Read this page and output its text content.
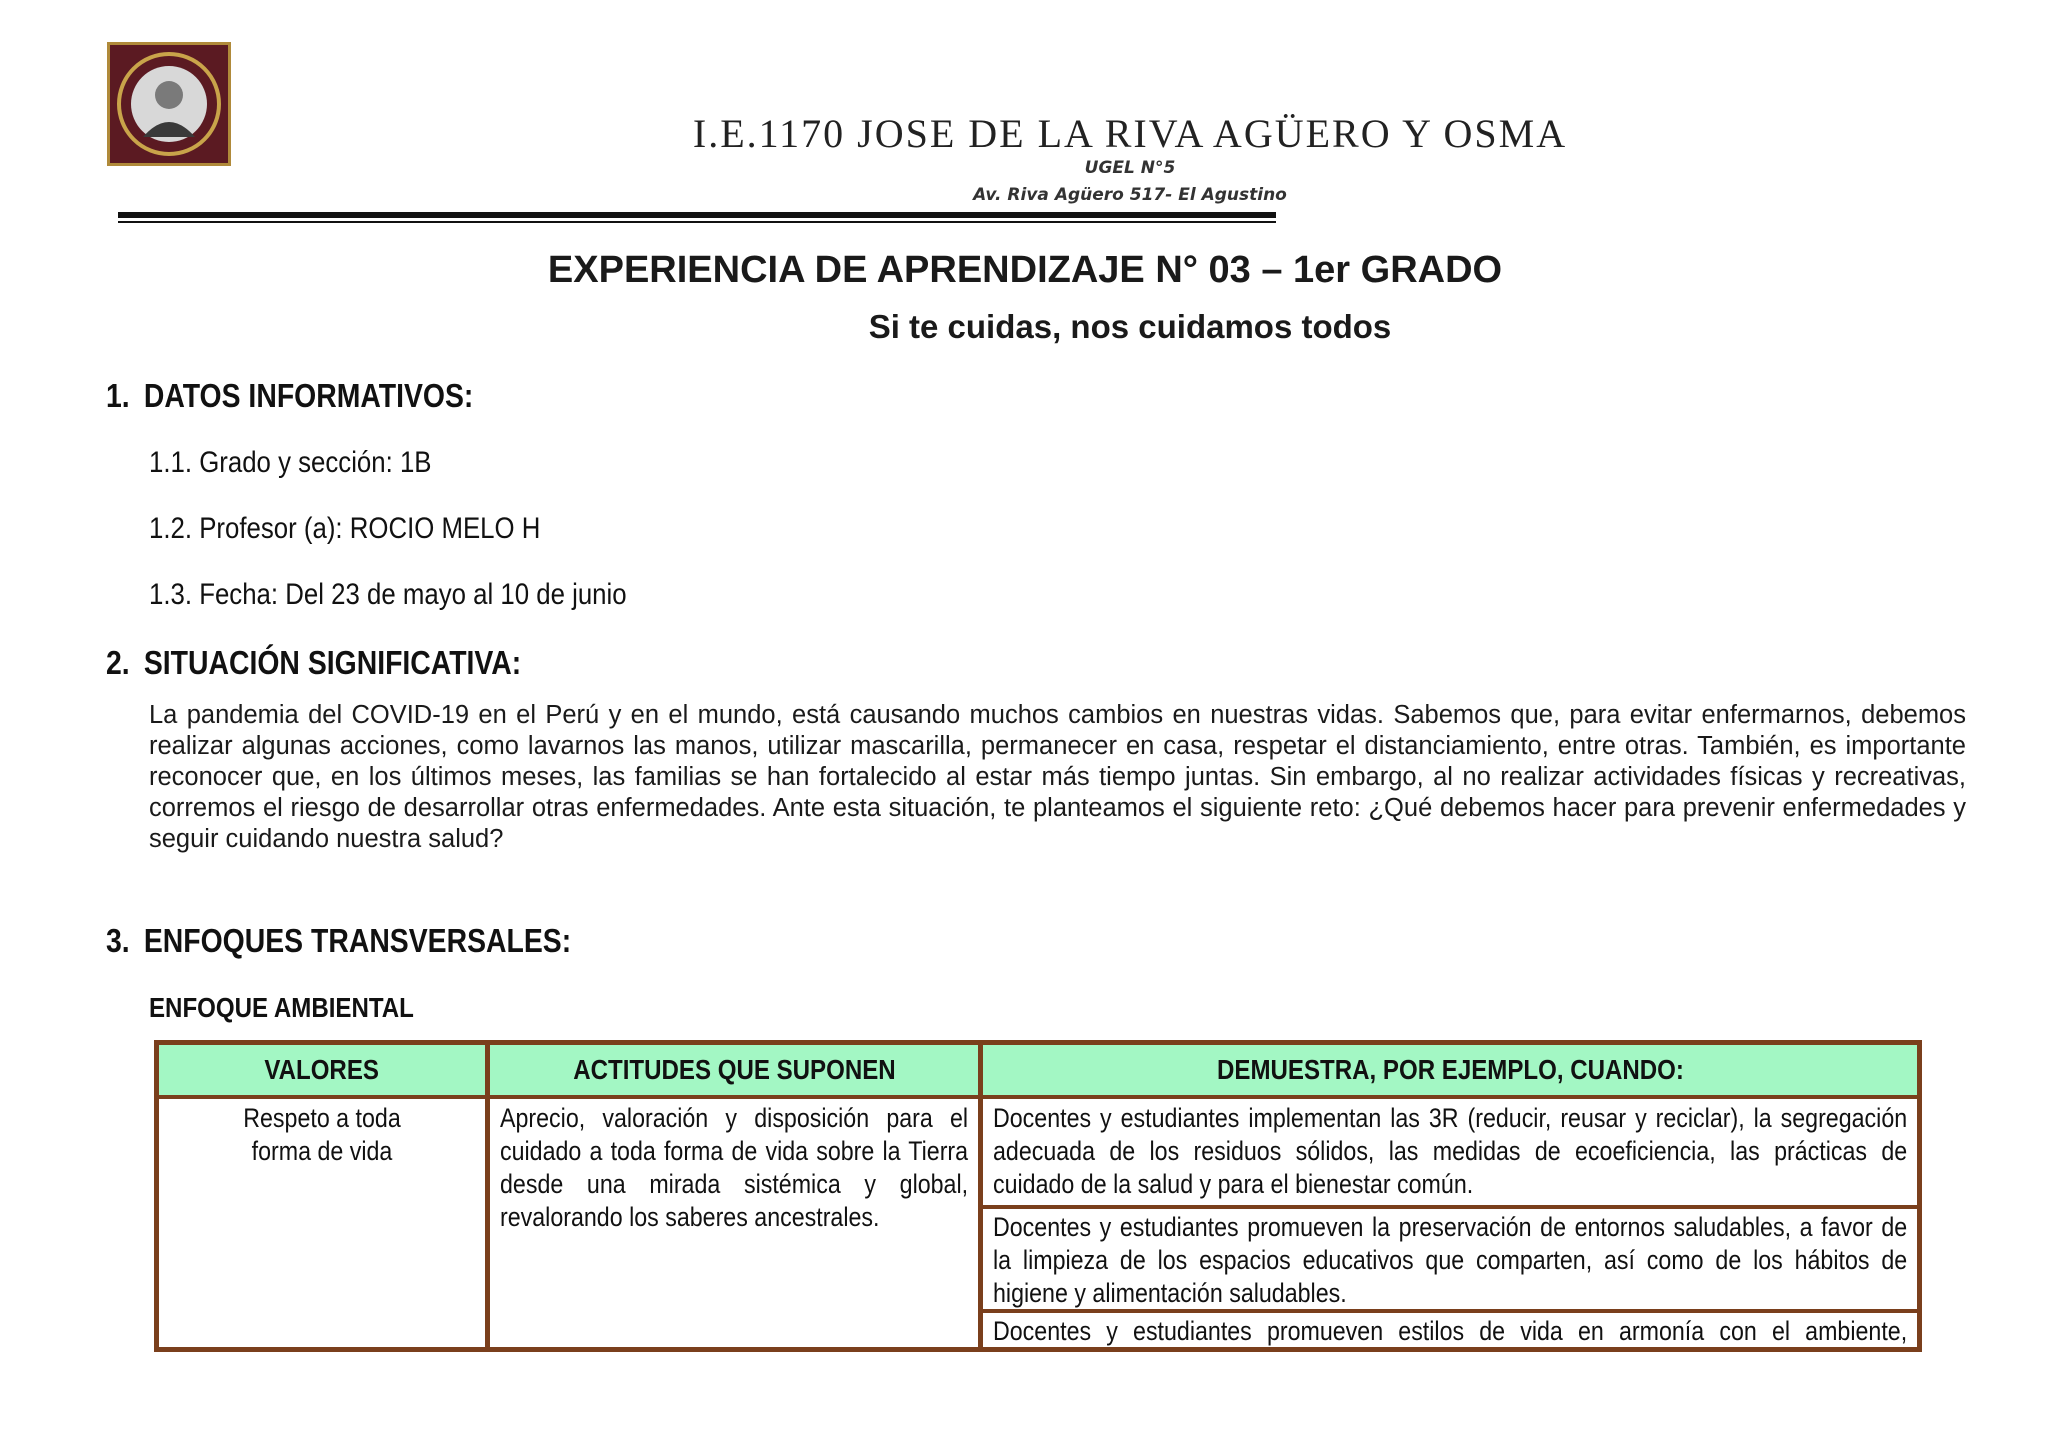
I.E.1170 JOSE DE LA RIVA AGÜERO Y OSMA
UGEL N°5
Av. Riva Agüero 517- El Agustino
EXPERIENCIA DE APRENDIZAJE N° 03 – 1er GRADO
Si te cuidas, nos cuidamos todos
1. DATOS INFORMATIVOS:
1.1. Grado y sección: 1B
1.2. Profesor (a): ROCIO MELO H
1.3. Fecha: Del 23 de mayo al 10 de junio
2. SITUACIÓN SIGNIFICATIVA:
La pandemia del COVID-19 en el Perú y en el mundo, está causando muchos cambios en nuestras vidas. Sabemos que, para evitar enfermarnos, debemos realizar algunas acciones, como lavarnos las manos, utilizar mascarilla, permanecer en casa, respetar el distanciamiento, entre otras. También, es importante reconocer que, en los últimos meses, las familias se han fortalecido al estar más tiempo juntas. Sin embargo, al no realizar actividades físicas y recreativas, corremos el riesgo de desarrollar otras enfermedades. Ante esta situación, te planteamos el siguiente reto: ¿Qué debemos hacer para prevenir enfermedades y seguir cuidando nuestra salud?
3. ENFOQUES TRANSVERSALES:
ENFOQUE AMBIENTAL
VALORES	ACTITUDES QUE SUPONEN	DEMUESTRA, POR EJEMPLO, CUANDO:
Respeto a toda forma de vida
Aprecio, valoración y disposición para el cuidado a toda forma de vida sobre la Tierra desde una mirada sistémica y global, revalorando los saberes ancestrales.
Docentes y estudiantes implementan las 3R (reducir, reusar y reciclar), la segregación adecuada de los residuos sólidos, las medidas de ecoeficiencia, las prácticas de cuidado de la salud y para el bienestar común.
Docentes y estudiantes promueven la preservación de entornos saludables, a favor de la limpieza de los espacios educativos que comparten, así como de los hábitos de higiene y alimentación saludables.
Docentes y estudiantes promueven estilos de vida en armonía con el ambiente,
